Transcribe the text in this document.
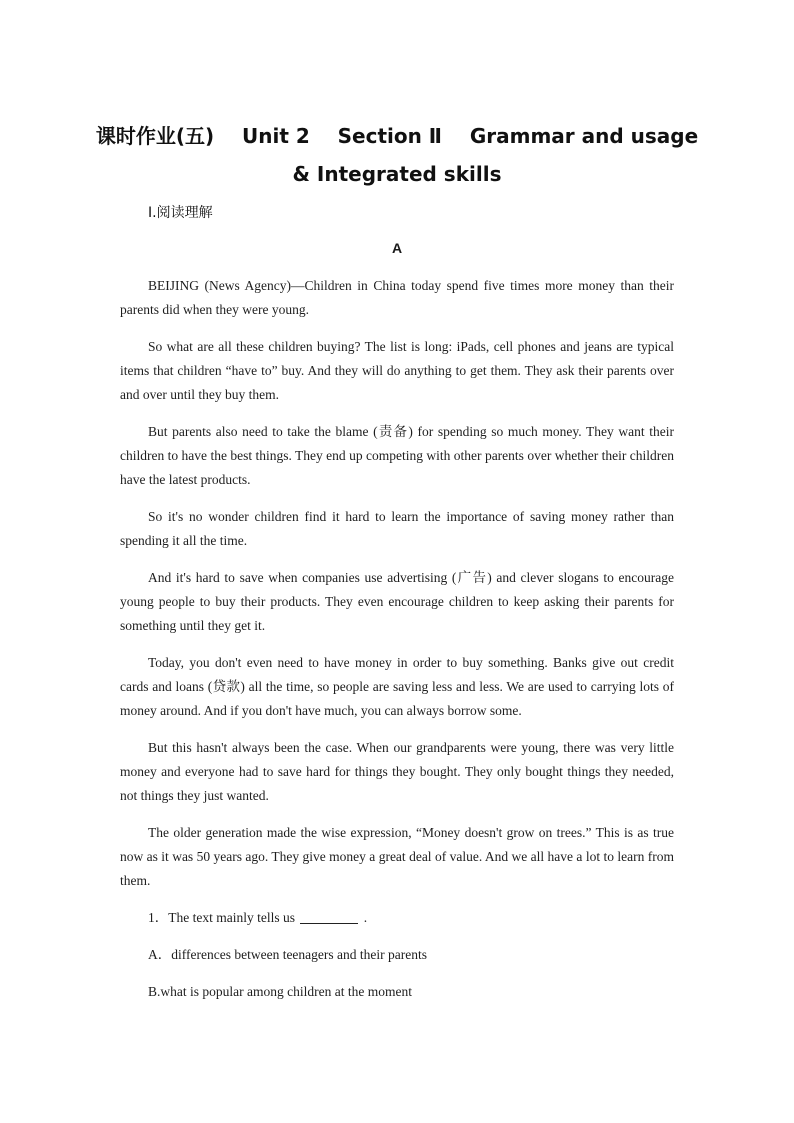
课时作业(五)    Unit 2    Section Ⅱ    Grammar and usage
& Integrated skills
Ⅰ.阅读理解
A

BEIJING (News Agency)—Children in China today spend five times more money than their parents did when they were young.

So what are all these children buying? The list is long: iPads, cell phones and jeans are typical items that children “have to” buy. And they will do anything to get them. They ask their parents over and over until they buy them.

But parents also need to take the blame (责备) for spending so much money. They want their children to have the best things. They end up competing with other parents over whether their children have the latest products.

So it's no wonder children find it hard to learn the importance of saving money rather than spending it all the time.

And it's hard to save when companies use advertising (广告) and clever slogans to encourage young people to buy their products. They even encourage children to keep asking their parents for something until they get it.

Today, you don't even need to have money in order to buy something. Banks give out credit cards and loans (贷款) all the time, so people are saving less and less. We are used to carrying lots of money around. And if you don't have much, you can always borrow some.

But this hasn't always been the case. When our grandparents were young, there was very little money and everyone had to save hard for things they bought. They only bought things they needed, not things they just wanted.

The older generation made the wise expression, “Money doesn't grow on trees.” This is as true now as it was 50 years ago. They give money a great deal of value. And we all have a lot to learn from them.

1．The text mainly tells us	.

A．differences between teenagers and their parents

B.what is popular among children at the moment
